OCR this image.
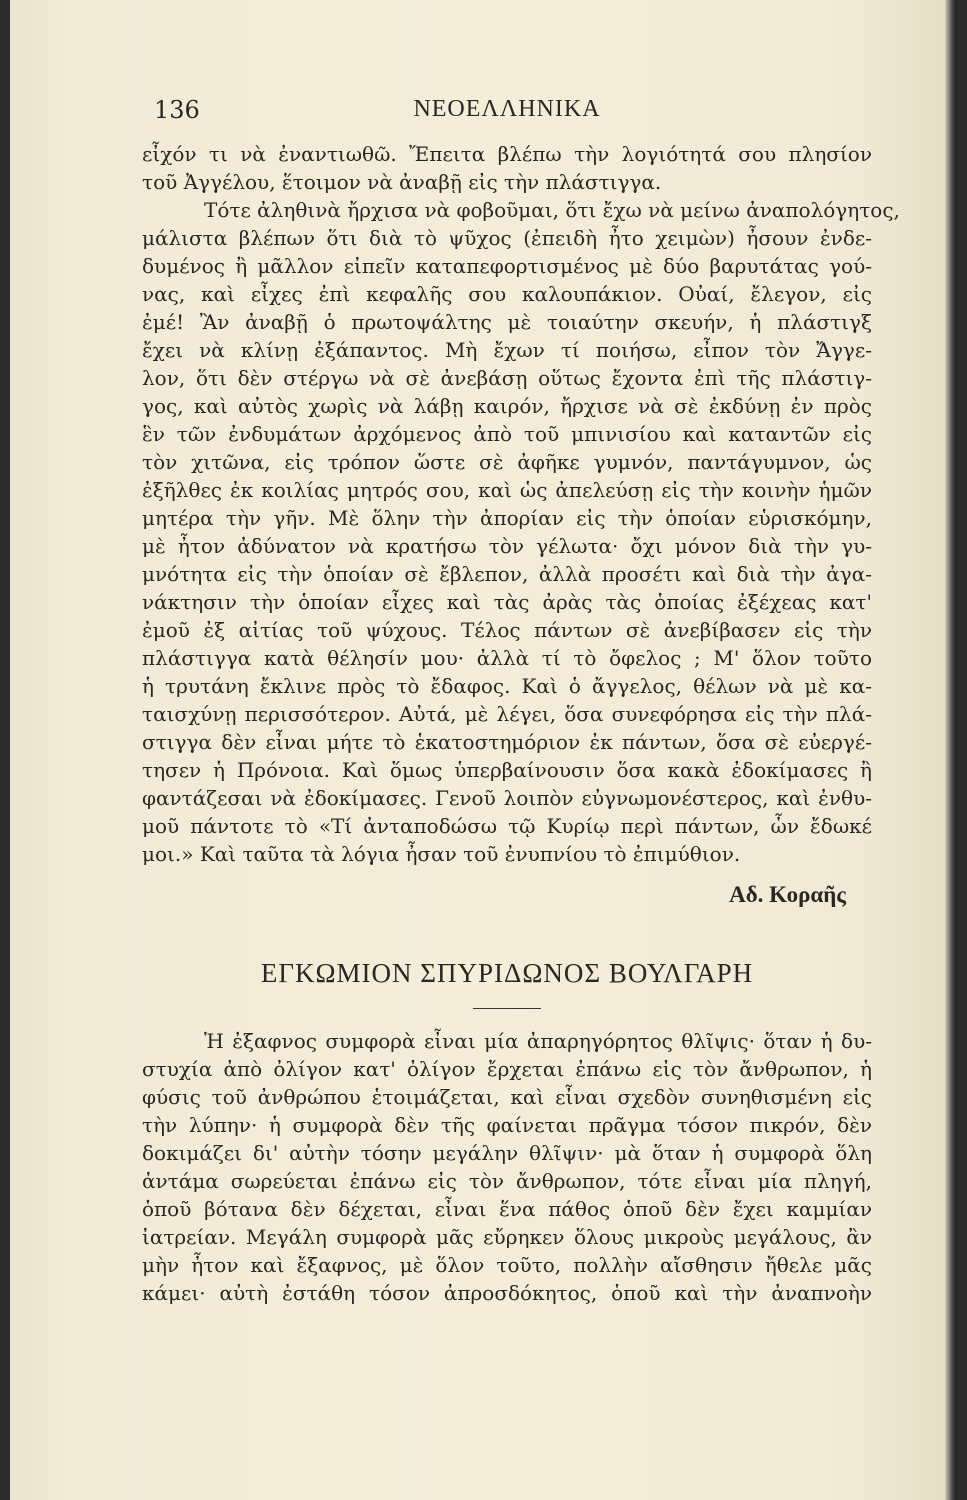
136	ΝΕΟΕΛΛΗΝΙΚΑ
εἶχόν τι νὰ ἐναντιωθῶ. Ἔπειτα βλέπω τὴν λογιότητά σου πλησίον
τοῦ Ἀγγέλου, ἕτοιμον νὰ ἀναβῇ εἰς τὴν πλάστιγγα.
Τότε ἀληθινὰ ἤρχισα νὰ φοβοῦμαι, ὅτι ἔχω νὰ μείνω ἀναπολόγητος,
μάλιστα βλέπων ὅτι διὰ τὸ ψῦχος (ἐπειδὴ ἦτο χειμὼν) ἦσουν ἐνδε-
δυμένος ἢ μᾶλλον εἰπεῖν καταπεφορτισμένος μὲ δύο βαρυτάτας γού-
νας, καὶ εἶχες ἐπὶ κεφαλῆς σου καλουπάκιον. Οὐαί, ἔλεγον, εἰς
ἐμέ! Ἂν ἀναβῇ ὁ πρωτοψάλτης μὲ τοιαύτην σκευήν, ἡ πλάστιγξ
ἔχει νὰ κλίνῃ ἐξάπαντος. Μὴ ἔχων τί ποιήσω, εἶπον τὸν Ἄγγε-
λον, ὅτι δὲν στέργω νὰ σὲ ἀνεβάσῃ οὕτως ἔχοντα ἐπὶ τῆς πλάστιγ-
γος, καὶ αὐτὸς χωρὶς νὰ λάβῃ καιρόν, ἤρχισε νὰ σὲ ἐκδύνῃ ἐν πρὸς
ἓν τῶν ἐνδυμάτων ἀρχόμενος ἀπὸ τοῦ μπινισίου καὶ καταντῶν εἰς
τὸν χιτῶνα, εἰς τρόπον ὥστε σὲ ἀφῆκε γυμνόν, παντάγυμνον, ὡς
ἐξῆλθες ἐκ κοιλίας μητρός σου, καὶ ὡς ἀπελεύσῃ εἰς τὴν κοινὴν ἡμῶν
μητέρα τὴν γῆν. Μὲ ὅλην τὴν ἀπορίαν εἰς τὴν ὁποίαν εὑρισκόμην,
μὲ ἦτον ἀδύνατον νὰ κρατήσω τὸν γέλωτα· ὄχι μόνον διὰ τὴν γυ-
μνότητα εἰς τὴν ὁποίαν σὲ ἔβλεπον, ἀλλὰ προσέτι καὶ διὰ τὴν ἀγα-
νάκτησιν τὴν ὁποίαν εἶχες καὶ τὰς ἀρὰς τὰς ὁποίας ἐξέχεας κατ'
ἐμοῦ ἐξ αἰτίας τοῦ ψύχους. Τέλος πάντων σὲ ἀνεβίβασεν εἰς τὴν
πλάστιγγα κατὰ θέλησίν μου· ἀλλὰ τί τὸ ὄφελος ; Μ' ὅλον τοῦτο
ἡ τρυτάνη ἔκλινε πρὸς τὸ ἔδαφος. Καὶ ὁ ἄγγελος, θέλων νὰ μὲ κα-
ταισχύνῃ περισσότερον. Αὐτά, μὲ λέγει, ὅσα συνεφόρησα εἰς τὴν πλά-
στιγγα δὲν εἶναι μήτε τὸ ἑκατοστημόριον ἐκ πάντων, ὅσα σὲ εὐεργέ-
τησεν ἡ Πρόνοια. Καὶ ὅμως ὑπερβαίνουσιν ὅσα κακὰ ἐδοκίμασες ἢ
φαντάζεσαι νὰ ἐδοκίμασες. Γενοῦ λοιπὸν εὐγνωμονέστερος, καὶ ἐνθυ-
μοῦ πάντοτε τὸ «Τί ἀνταποδώσω τῷ Κυρίῳ περὶ πάντων, ὧν ἔδωκέ
μοι.» Καὶ ταῦτα τὰ λόγια ἦσαν τοῦ ἐνυπνίου τὸ ἐπιμύθιον.
Αδ. Κοραῆς
ΕΓΚΩΜΙΟΝ ΣΠΥΡΙΔΩΝΟΣ ΒΟΥΛΓΑΡΗ
Ἡ ἐξαφνος συμφορὰ εἶναι μία ἀπαρηγόρητος θλῖψις· ὅταν ἡ δυ-
στυχία ἀπὸ ὀλίγον κατ' ὀλίγον ἔρχεται ἐπάνω εἰς τὸν ἄνθρωπον, ἡ
φύσις τοῦ ἀνθρώπου ἑτοιμάζεται, καὶ εἶναι σχεδὸν συνηθισμένη εἰς
τὴν λύπην· ἡ συμφορὰ δὲν τῆς φαίνεται πρᾶγμα τόσον πικρόν, δὲν
δοκιμάζει δι' αὐτὴν τόσην μεγάλην θλῖψιν· μὰ ὅταν ἡ συμφορὰ ὅλη
ἀντάμα σωρεύεται ἐπάνω εἰς τὸν ἄνθρωπον, τότε εἶναι μία πληγή,
ὁποῦ βότανα δὲν δέχεται, εἶναι ἕνα πάθος ὁποῦ δὲν ἔχει καμμίαν
ἰατρείαν. Μεγάλη συμφορὰ μᾶς εὔρηκεν ὅλους μικροὺς μεγάλους, ἂν
μὴν ἦτον καὶ ἔξαφνος, μὲ ὅλον τοῦτο, πολλὴν αἴσθησιν ἤθελε μᾶς
κάμει· αὐτὴ ἐστάθη τόσον ἀπροσδόκητος, ὁποῦ καὶ τὴν ἀναπνοὴν
